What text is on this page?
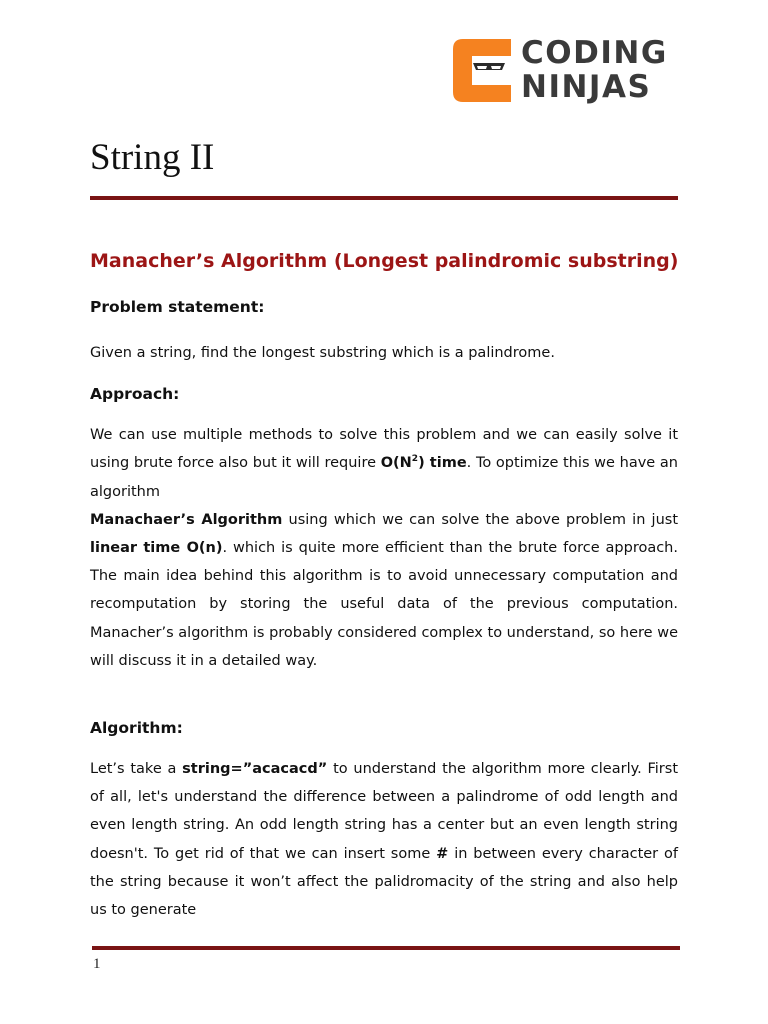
CODING
NINJAS
String II
Manacher’s Algorithm (Longest palindromic substring)
Problem statement:

Given a string, find the longest substring which is a palindrome.

Approach:

We can use multiple methods to solve this problem and we can easily solve it using brute force also but it will require $O(N^2)$ time. To optimize this we have an algorithm

Manachaer’s Algorithm using which we can solve the above problem in just linear time O(n). which is quite more efficient than the brute force approach. The main idea behind this algorithm is to avoid unnecessary computation and recomputation by storing the useful data of the previous computation. Manacher’s algorithm is probably considered complex to understand, so here we will discuss it in a detailed way.

Algorithm:

Let’s take a string=”acacacd” to understand the algorithm more clearly. First of all, let's understand the difference between a palindrome of odd length and even length string. An odd length string has a center but an even length string doesn't. To get rid of that we can insert some # in between every character of the string because it won’t affect the palidromacity of the string and also help us to generate

1
